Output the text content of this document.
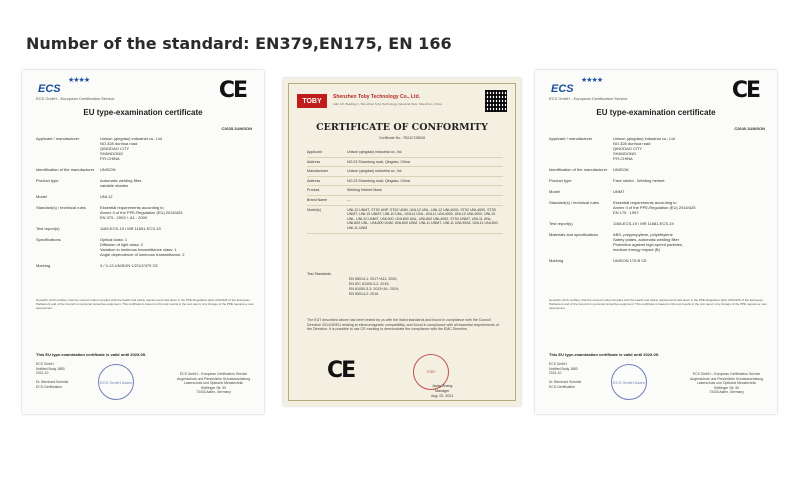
Number of the standard: EN379,EN175, EN 166
ECS
★★★★
ECS GmbH - European Certification Service	CE
EU type-examination certificate
C2635.1UNISON
Applicant / manufacturer	Unison (qingdao) industrial co., Ltd
NO.328 dunhua road
QINGDAO CITY
SHANDONG
P.R.CHINA
Identification of the manufacturer	UNISON
Product type	Automatic welding filter,
variable shades
Model	UNL12
Standard(s) / technical rules	Essential requirements according to
Annex II of the PPE-Regulation (EU) 2016/425
EN 379 : 2003 + A1 : 2009
Test report(s)	1169-ECS-19 / MR 11691-ECS-19
Specifications	Optical class: 1
Diffusion of light class: 2
Variation in luminous transmittance class: 1
Angle dependence of luminous transmittance: 2
Marking	4 / 9-13 UNISON 1/2/1/2/379 CE
Herewith, ECS certifies, that the named model complies with the health and safety requirements laid down in the PPE-Regulation (EU) 2016/425 of the European Parliament and of the Council on personal protective equipment. This certificate is based on the test results in the test report. Any change of the PPE requires a new assessment.
This EU type-examination certificate is valid until 2023-09.
ECS GmbH
Notified Body 1883
2021-10

Dr. Bernhard Schmitz
ECS-Certification
ECS GmbH Aalen
ECS GmbH – European Certification Service
Augenschutz und Persönliche Schutzausrüstung
Laserschutz und Optische Messtechnik
Hüttlinger Str. 50
73433 Aalen, Germany
TOBY
Shenzhen Toby Technology Co., Ltd.
Add: 1/F, Building 1, Shenzhen Toby Technology Industrial Park, Shenzhen, China
CERTIFICATE OF CONFORMITY
Certificate No.: TB210728608
Applicant	Unison (qingdao) industrial co., ltd.
Address	NO.23 Shandong road, Qingdao, China
Manufacturer	Unison (qingdao) industrial co., ltd.
Address	NO.23 Shandong road, Qingdao, China
Product	Welding Helmet Mask
Brand Name	---
Model(s)	UNL12 UNMT, ST52 UNP, ST62 UNM, UNL12 UNL, UNL12 UNL4000, ST52 UNL4000, ST53 UNMT, UNL10 UNMT, UNL10 UNL, UNL11 UNL, UNL11 UNL4000, UNL10 UNL4000, UNL10 UNL, UNL10 UNMT, UNL900, UNL800 UNL, UNL800 UNL4000, ST53 UNMT, UNL11 UNL, UNL600 UNL, UNL800 UNM, UNL600 UNM, UNL11 UNMT, UNL11 UNL900A, UNL11 UNL600, UNL11 UNM
Test Standards
EN 55014-1: 2017+A11: 2020;
EN IEC 61000-3-2: 2019;
EN 61000-3-3: 2013+A1: 2019;
EN 55014-2: 2015.
The EUT described above has been tested by us with the listed standards and found in compliance with the Council Directive 2014/30/EU relating to electromagnetic compatibility, and found in compliance with all essential requirements of the Directive. It is possible to use CE marking to demonstrate the compliance with the EMC Directive.
CE	TOBY
Jacky Zhang
Manager
Aug. 02, 2021
ECS
★★★★
ECS GmbH - European Certification Service	CE
EU type-examination certificate
C2640.1UNISON
Applicant / manufacturer	Unison (qingdao) industrial co., Ltd
NO.328 dunhua road
QINGDAO CITY
SHANDONG
P.R.CHINA
Identification of the manufacturer	UNISON
Product type	Face shield - Welding helmet
Model	UNMT
Standard(s) / technical rules	Essential requirements according to
Annex II of the PPE-Regulation (EU) 2016/425
EN 175 : 1997
Test report(s)	1168-ECS-19 / MR 11681-ECS-19
Materials and specifications	ABS, polypropylene, polyethylene
Safety plates, automatic welding filter
Protection against high-speed particles,
medium energy impact (B)
Marking	UNISON 175 B CE
Herewith, ECS certifies, that the named model complies with the health and safety requirements laid down in the PPE-Regulation (EU) 2016/425 of the European Parliament and of the Council on personal protective equipment. This certificate is based on the test results in the test report. Any change of the PPE requires a new assessment.
This EU type-examination certificate is valid until 2023-09.
ECS GmbH
Notified Body 1883
2021-10

Dr. Bernhard Schmitz
ECS-Certification
ECS GmbH Aalen
ECS GmbH – European Certification Service
Augenschutz und Persönliche Schutzausrüstung
Laserschutz und Optische Messtechnik
Hüttlinger Str. 50
73433 Aalen, Germany
